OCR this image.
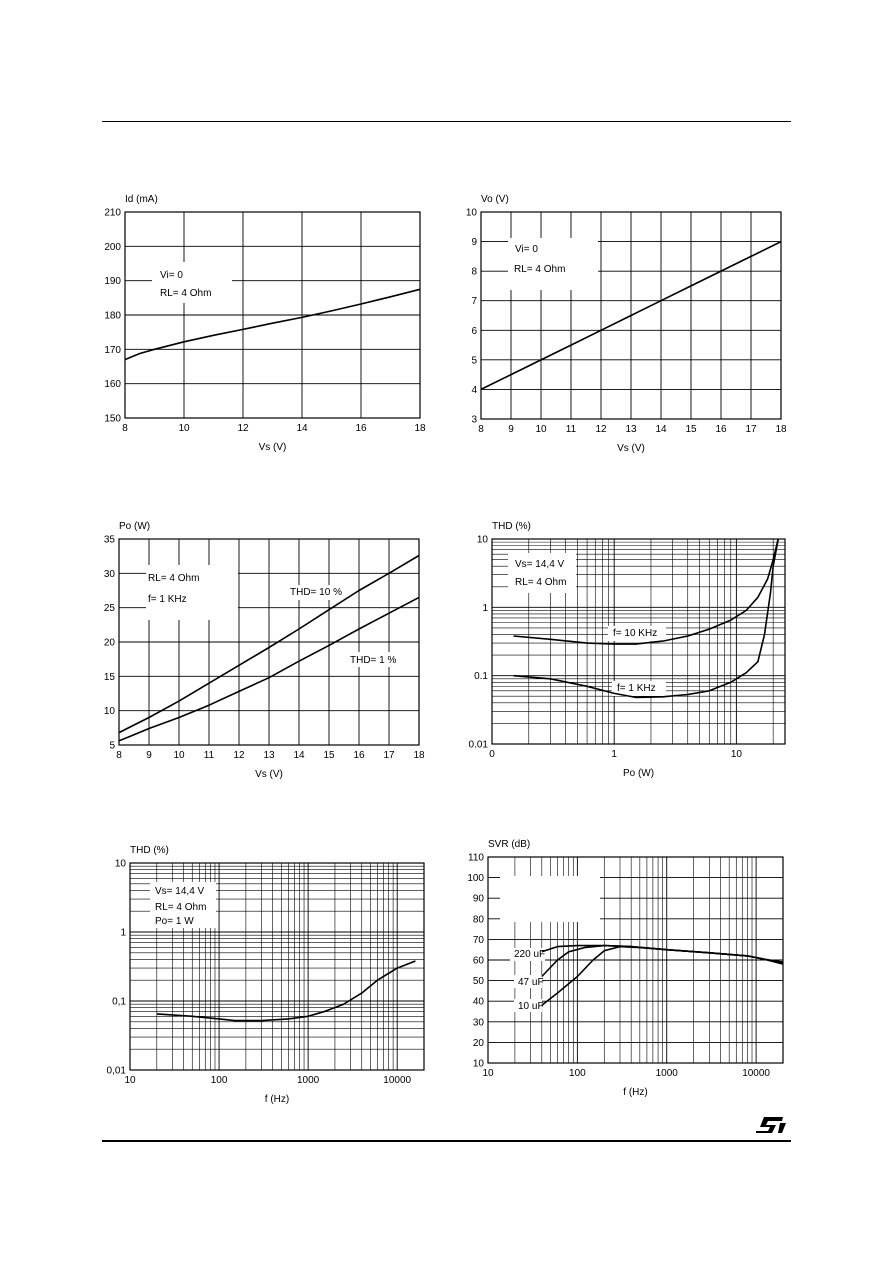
8	10	12	14	16	18
150
160
170
180
190
200
210
Id (mA)
Vs (V)
Vi= 0
RL= 4 Ohm
8 9 10 11 12 13 14 15 16 17 18
3
4
5
6
7
8
9
10
Vo (V)
Vs (V)
Vi= 0
RL= 4 Ohm
8 9 10 11 12 13 14 15 16 17 18
5
10
15
20
25
30
35
Po (W)
Vs (V)
RL= 4 Ohm
f= 1 KHz
THD= 10 %
THD= 1 %
0	1	10
0.01
0.1
1
10
THD (%)
Po (W)
Vs= 14,4 V
RL= 4 Ohm
f= 10 KHz
f= 1 KHz
10	100	1000	10000
0,01
0,1
1
10
THD (%)
f (Hz)
Vs= 14,4 V
RL= 4 Ohm
Po= 1 W
10	100	1000	10000
10
20
30
40
50
60
70
80
90
100
110
SVR (dB)
f (Hz)
220 uF
47 uF
10 uF
